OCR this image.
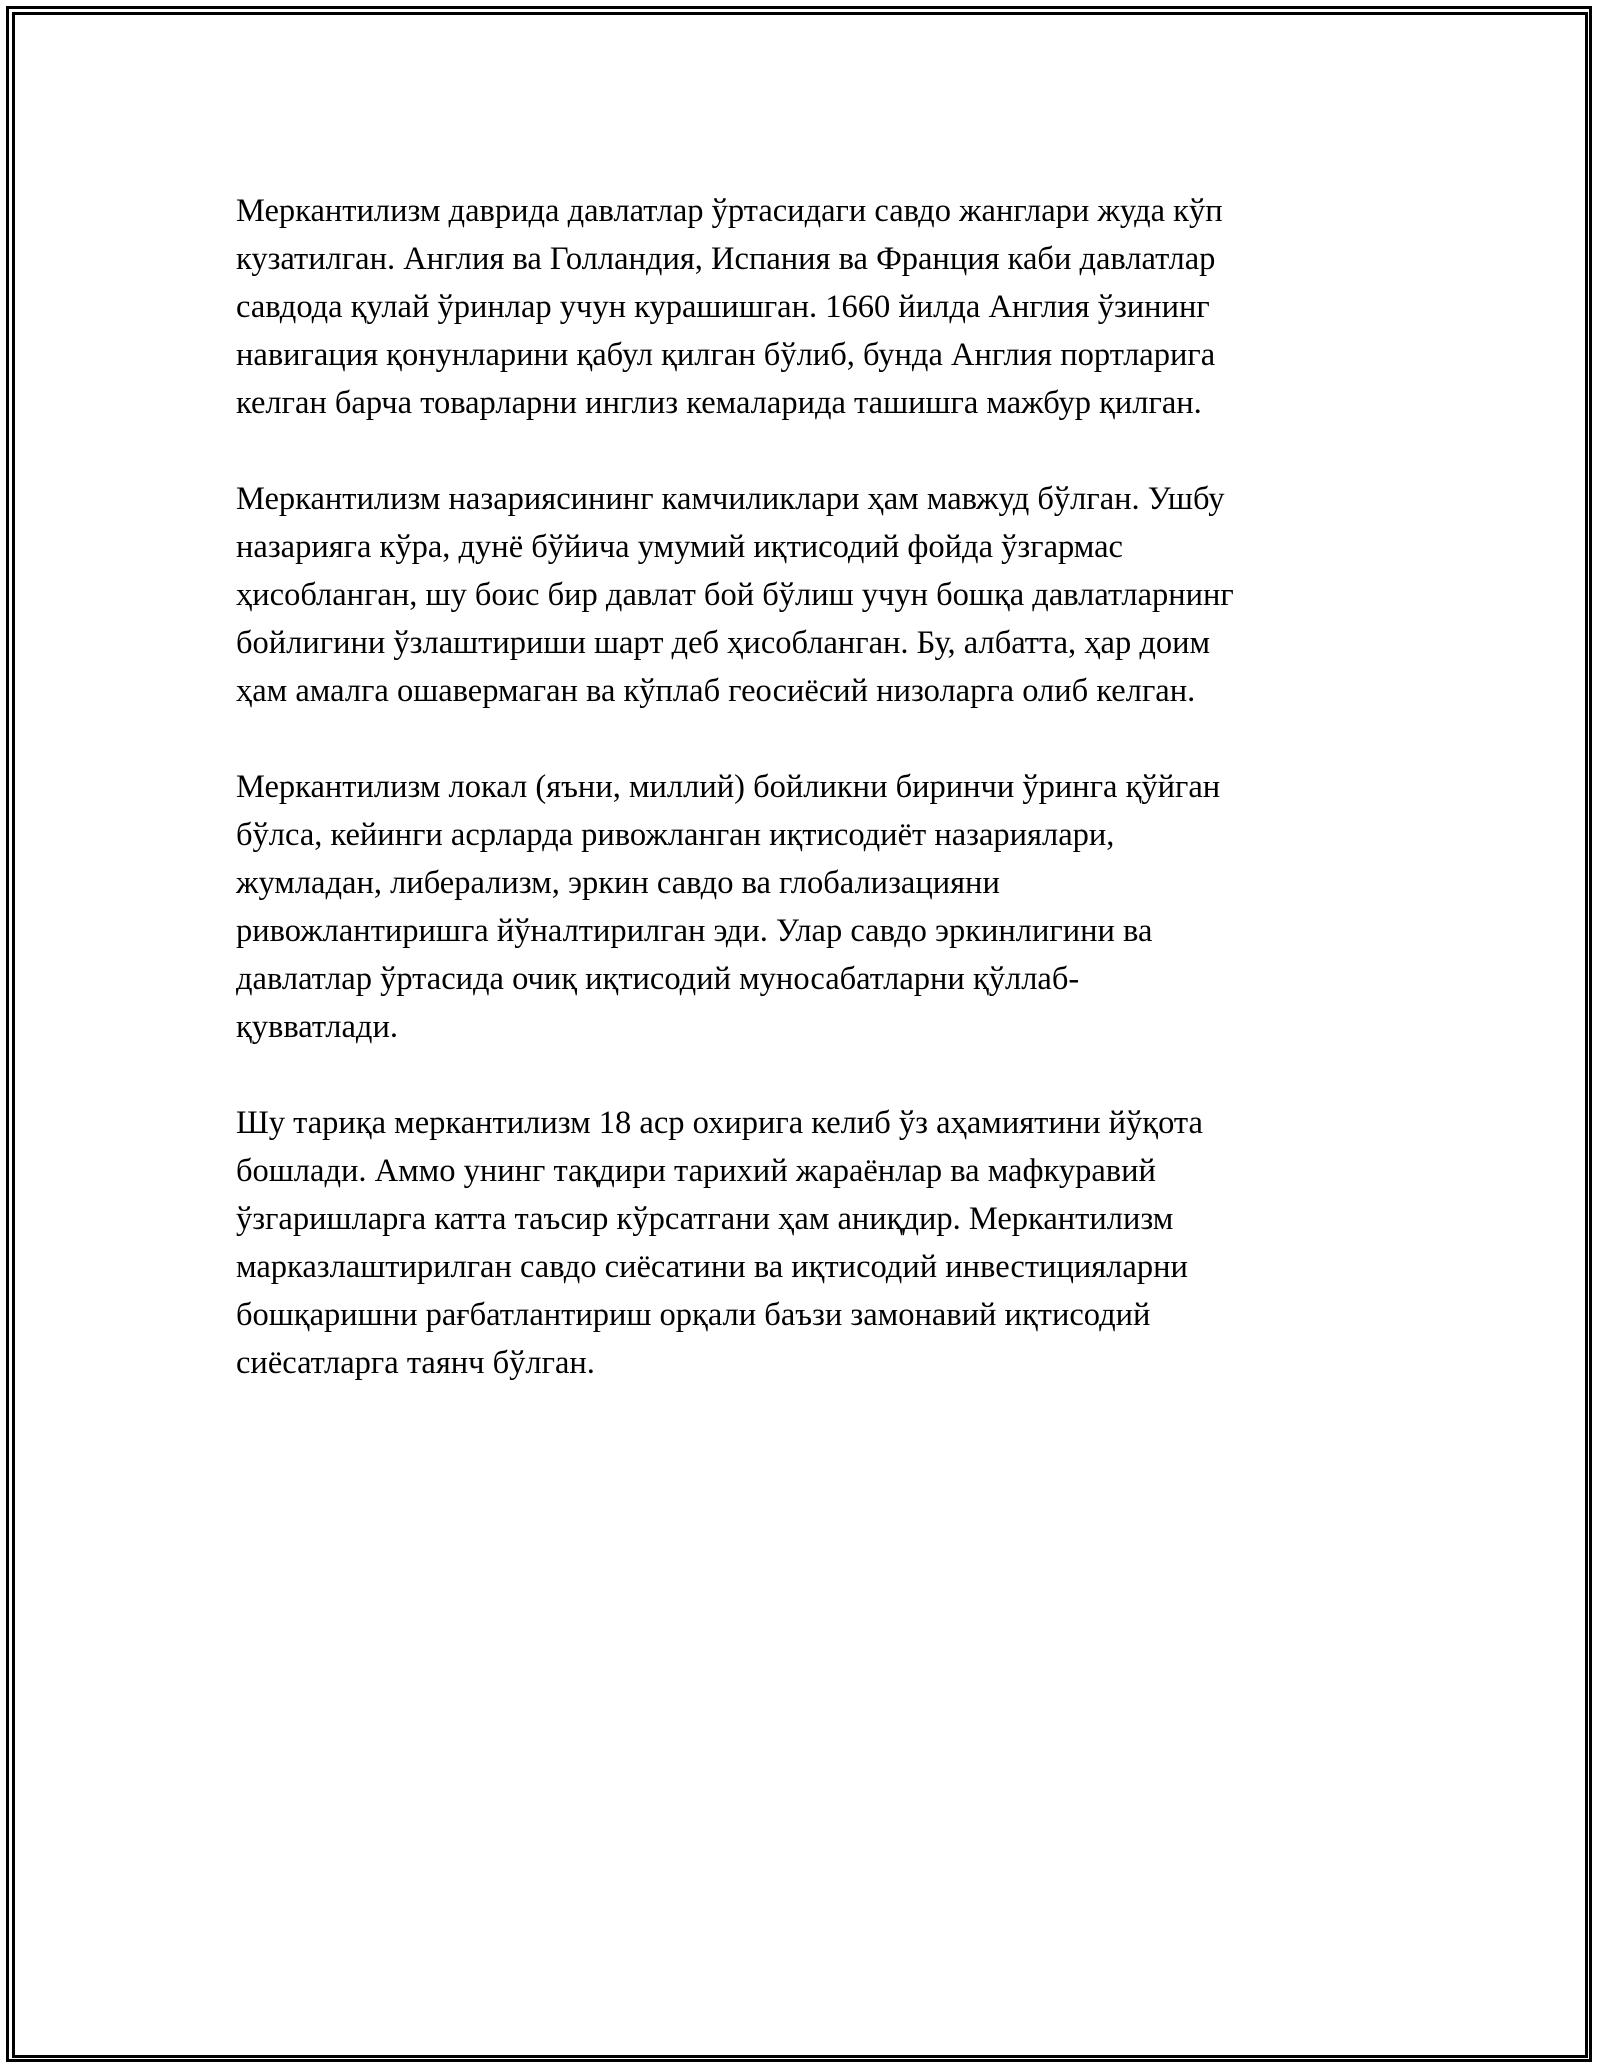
Меркантилизм даврида давлатлар ўртасидаги савдо жанглари жуда кўп
кузатилган. Англия ва Голландия, Испания ва Франция каби давлатлар
савдода қулай ўринлар учун курашишган. 1660 йилда Англия ўзининг
навигация қонунларини қабул қилган бўлиб, бунда Англия портларига
келган барча товарларни инглиз кемаларида ташишга мажбур қилган.

Меркантилизм назариясининг камчиликлари ҳам мавжуд бўлган. Ушбу
назарияга кўра, дунё бўйича умумий иқтисодий фойда ўзгармас
ҳисобланган, шу боис бир давлат бой бўлиш учун бошқа давлатларнинг
бойлигини ўзлаштириши шарт деб ҳисобланган. Бу, албатта, ҳар доим
ҳам амалга ошавермаган ва кўплаб геосиёсий низоларга олиб келган.

Меркантилизм локал (яъни, миллий) бойликни биринчи ўринга қўйган
бўлса, кейинги асрларда ривожланган иқтисодиёт назариялари,
жумладан, либерализм, эркин савдо ва глобализацияни
ривожлантиришга йўналтирилган эди. Улар савдо эркинлигини ва
давлатлар ўртасида очиқ иқтисодий муносабатларни қўллаб-
қувватлади.

Шу тариқа меркантилизм 18 аср охирига келиб ўз аҳамиятини йўқота
бошлади. Аммо унинг тақдири тарихий жараёнлар ва мафкуравий
ўзгаришларга катта таъсир кўрсатгани ҳам аниқдир. Меркантилизм
марказлаштирилган савдо сиёсатини ва иқтисодий инвестицияларни
бошқаришни рағбатлантириш орқали баъзи замонавий иқтисодий
сиёсатларга таянч бўлган.
